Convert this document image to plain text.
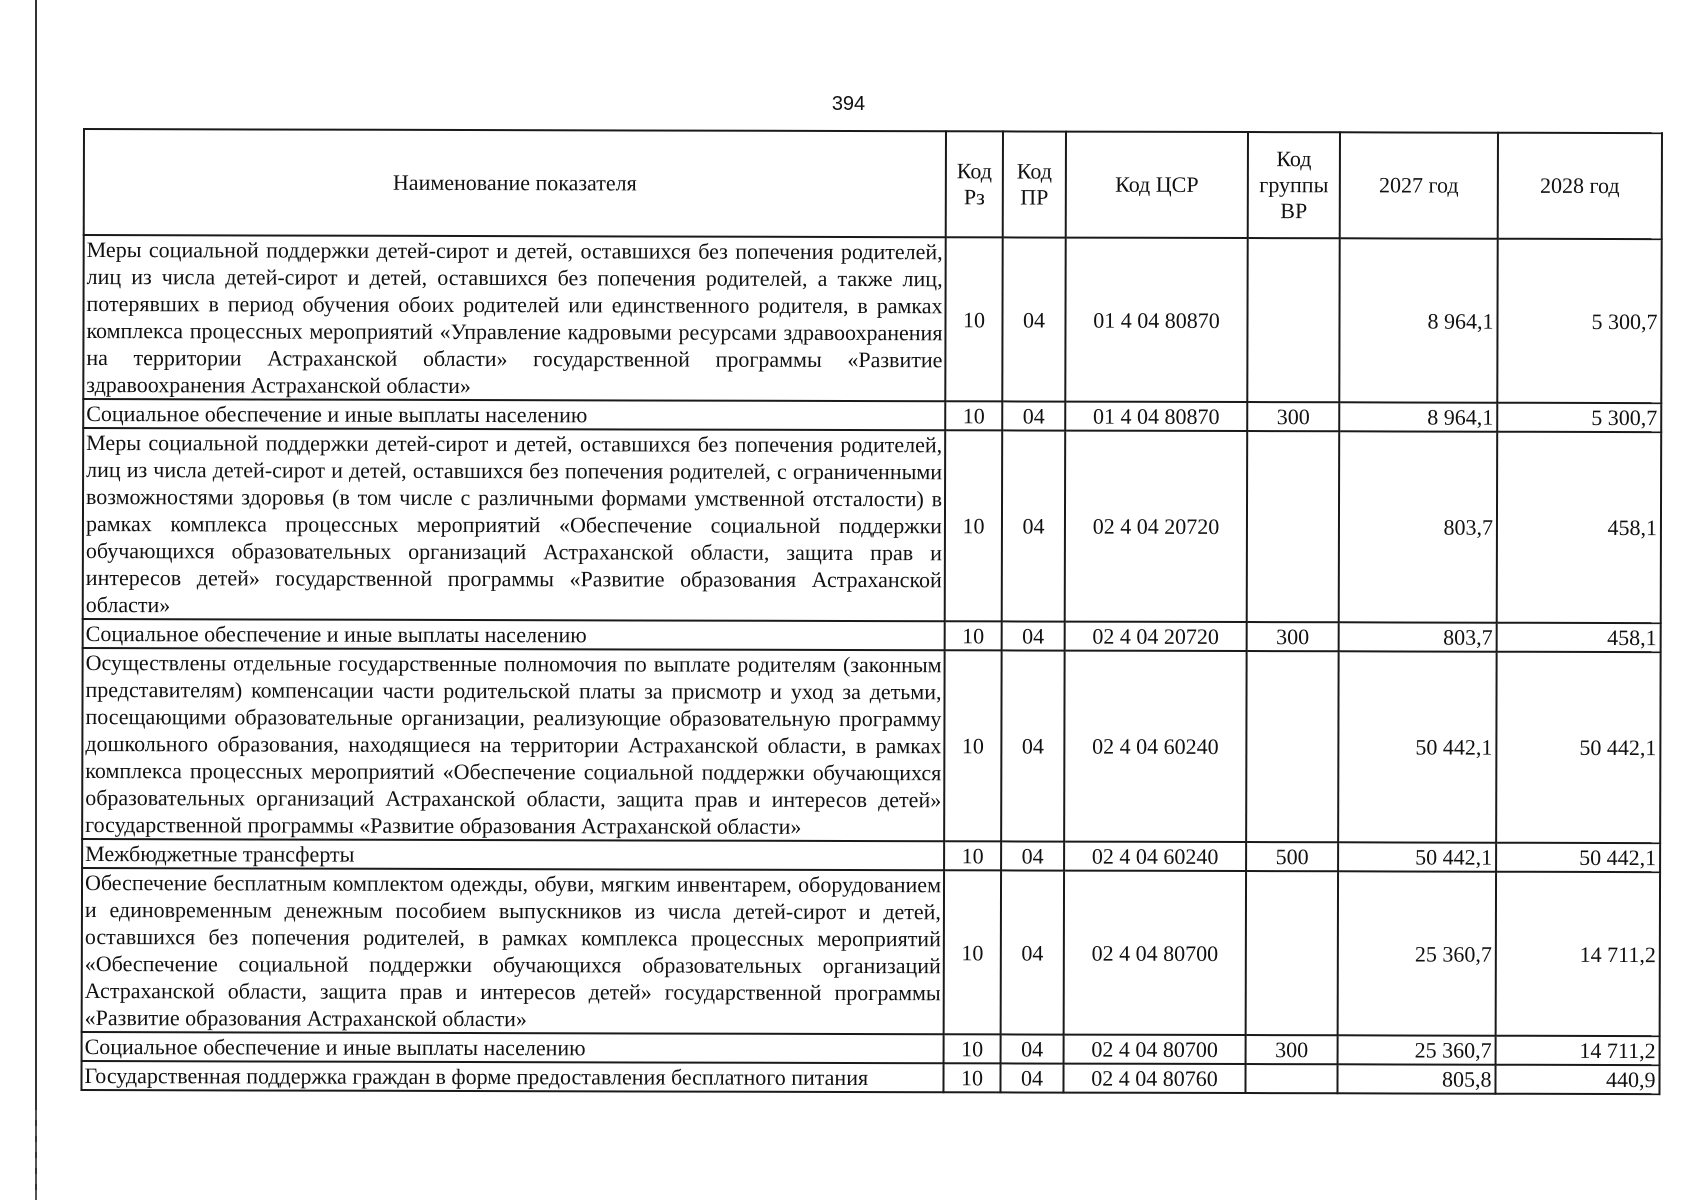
394
Наименование показателя	Код Рз	Код ПР	Код ЦСР	Код группы ВР	2027 год	2028 год
Меры социальной поддержки детей-сирот и детей, оставшихся без попечения родителей, лиц из числа детей-сирот и детей, оставшихся без попечения родителей, а также лиц, потерявших в период обучения обоих родителей или единственного родителя, в рамках комплекса процессных мероприятий «Управление кадровыми ресурсами здравоохранения на территории Астраханской области» государственной программы «Развитие здравоохранения Астраханской области»	10	04	01 4 04 80870		8 964,1	5 300,7
Социальное обеспечение и иные выплаты населению	10	04	01 4 04 80870	300	8 964,1	5 300,7
Меры социальной поддержки детей-сирот и детей, оставшихся без попечения родителей, лиц из числа детей-сирот и детей, оставшихся без попечения родителей, с ограниченными возможностями здоровья (в том числе с различными формами умственной отсталости) в рамках комплекса процессных мероприятий «Обеспечение социальной поддержки обучающихся образовательных организаций Астраханской области, защита прав и интересов детей» государственной программы «Развитие образования Астраханской области»	10	04	02 4 04 20720		803,7	458,1
Социальное обеспечение и иные выплаты населению	10	04	02 4 04 20720	300	803,7	458,1
Осуществлены отдельные государственные полномочия по выплате родителям (законным представителям) компенсации части родительской платы за присмотр и уход за детьми, посещающими образовательные организации, реализующие образовательную программу дошкольного образования, находящиеся на территории Астраханской области, в рамках комплекса процессных мероприятий «Обеспечение социальной поддержки обучающихся образовательных организаций Астраханской области, защита прав и интересов детей» государственной программы «Развитие образования Астраханской области»	10	04	02 4 04 60240		50 442,1	50 442,1
Межбюджетные трансферты	10	04	02 4 04 60240	500	50 442,1	50 442,1
Обеспечение бесплатным комплектом одежды, обуви, мягким инвентарем, оборудованием и единовременным денежным пособием выпускников из числа детей-сирот и детей, оставшихся без попечения родителей, в рамках комплекса процессных мероприятий «Обеспечение социальной поддержки обучающихся образовательных организаций Астраханской области, защита прав и интересов детей» государственной программы «Развитие образования Астраханской области»	10	04	02 4 04 80700		25 360,7	14 711,2
Социальное обеспечение и иные выплаты населению	10	04	02 4 04 80700	300	25 360,7	14 711,2
Государственная поддержка граждан в форме предоставления бесплатного питания	10	04	02 4 04 80760		805,8	440,9
